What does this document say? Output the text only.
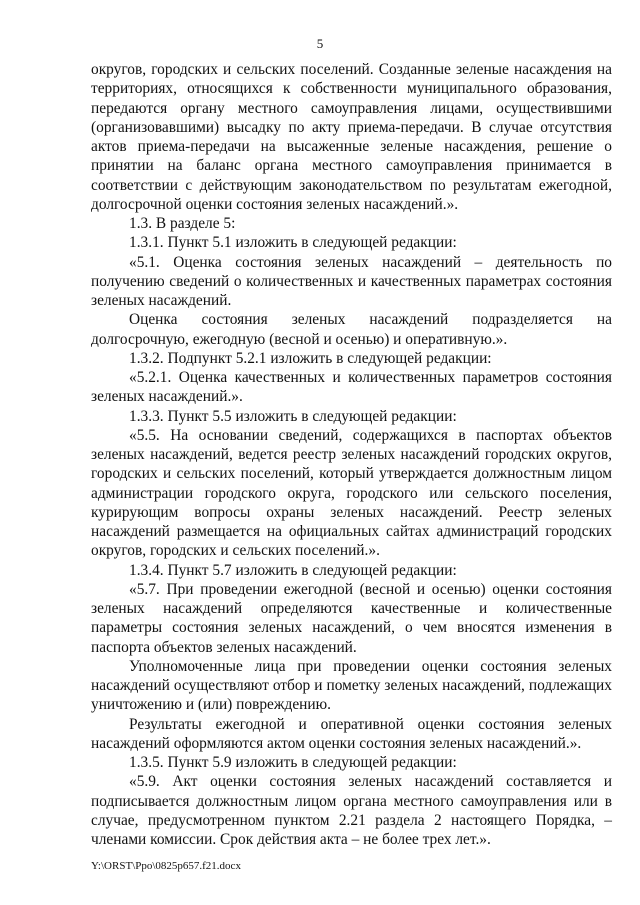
5

округов, городских и сельских поселений. Созданные зеленые насаждения на территориях, относящихся к собственности муниципального образования, передаются органу местного самоуправления лицами, осуществившими (организовавшими) высадку по акту приема-передачи. В случае отсутствия актов приема-передачи на высаженные зеленые насаждения, решение о принятии на баланс органа местного самоуправления принимается в соответствии с действующим законодательством по результатам ежегодной, долгосрочной оценки состояния зеленых насаждений.».

1.3. В разделе 5:

1.3.1. Пункт 5.1 изложить в следующей редакции:

«5.1. Оценка состояния зеленых насаждений – деятельность по получению сведений о количественных и качественных параметрах состояния зеленых насаждений.

Оценка состояния зеленых насаждений подразделяется на долгосрочную, ежегодную (весной и осенью) и оперативную.».

1.3.2. Подпункт 5.2.1 изложить в следующей редакции:

«5.2.1. Оценка качественных и количественных параметров состояния зеленых насаждений.».

1.3.3. Пункт 5.5 изложить в следующей редакции:

«5.5. На основании сведений, содержащихся в паспортах объектов зеленых насаждений, ведется реестр зеленых насаждений городских округов, городских и сельских поселений, который утверждается должностным лицом администрации городского округа, городского или сельского поселения, курирующим вопросы охраны зеленых насаждений. Реестр зеленых насаждений размещается на официальных сайтах администраций городских округов, городских и сельских поселений.».

1.3.4. Пункт 5.7 изложить в следующей редакции:

«5.7. При проведении ежегодной (весной и осенью) оценки состояния зеленых насаждений определяются качественные и количественные параметры состояния зеленых насаждений, о чем вносятся изменения в паспорта объектов зеленых насаждений.

Уполномоченные лица при проведении оценки состояния зеленых насаждений осуществляют отбор и пометку зеленых насаждений, подлежащих уничтожению и (или) повреждению.

Результаты ежегодной и оперативной оценки состояния зеленых насаждений оформляются актом оценки состояния зеленых насаждений.».

1.3.5. Пункт 5.9 изложить в следующей редакции:

«5.9. Акт оценки состояния зеленых насаждений составляется и подписывается должностным лицом органа местного самоуправления или в случае, предусмотренном пунктом 2.21 раздела 2 настоящего Порядка, – членами комиссии. Срок действия акта – не более трех лет.».

Y:\ORST\Ppo\0825p657.f21.docx
